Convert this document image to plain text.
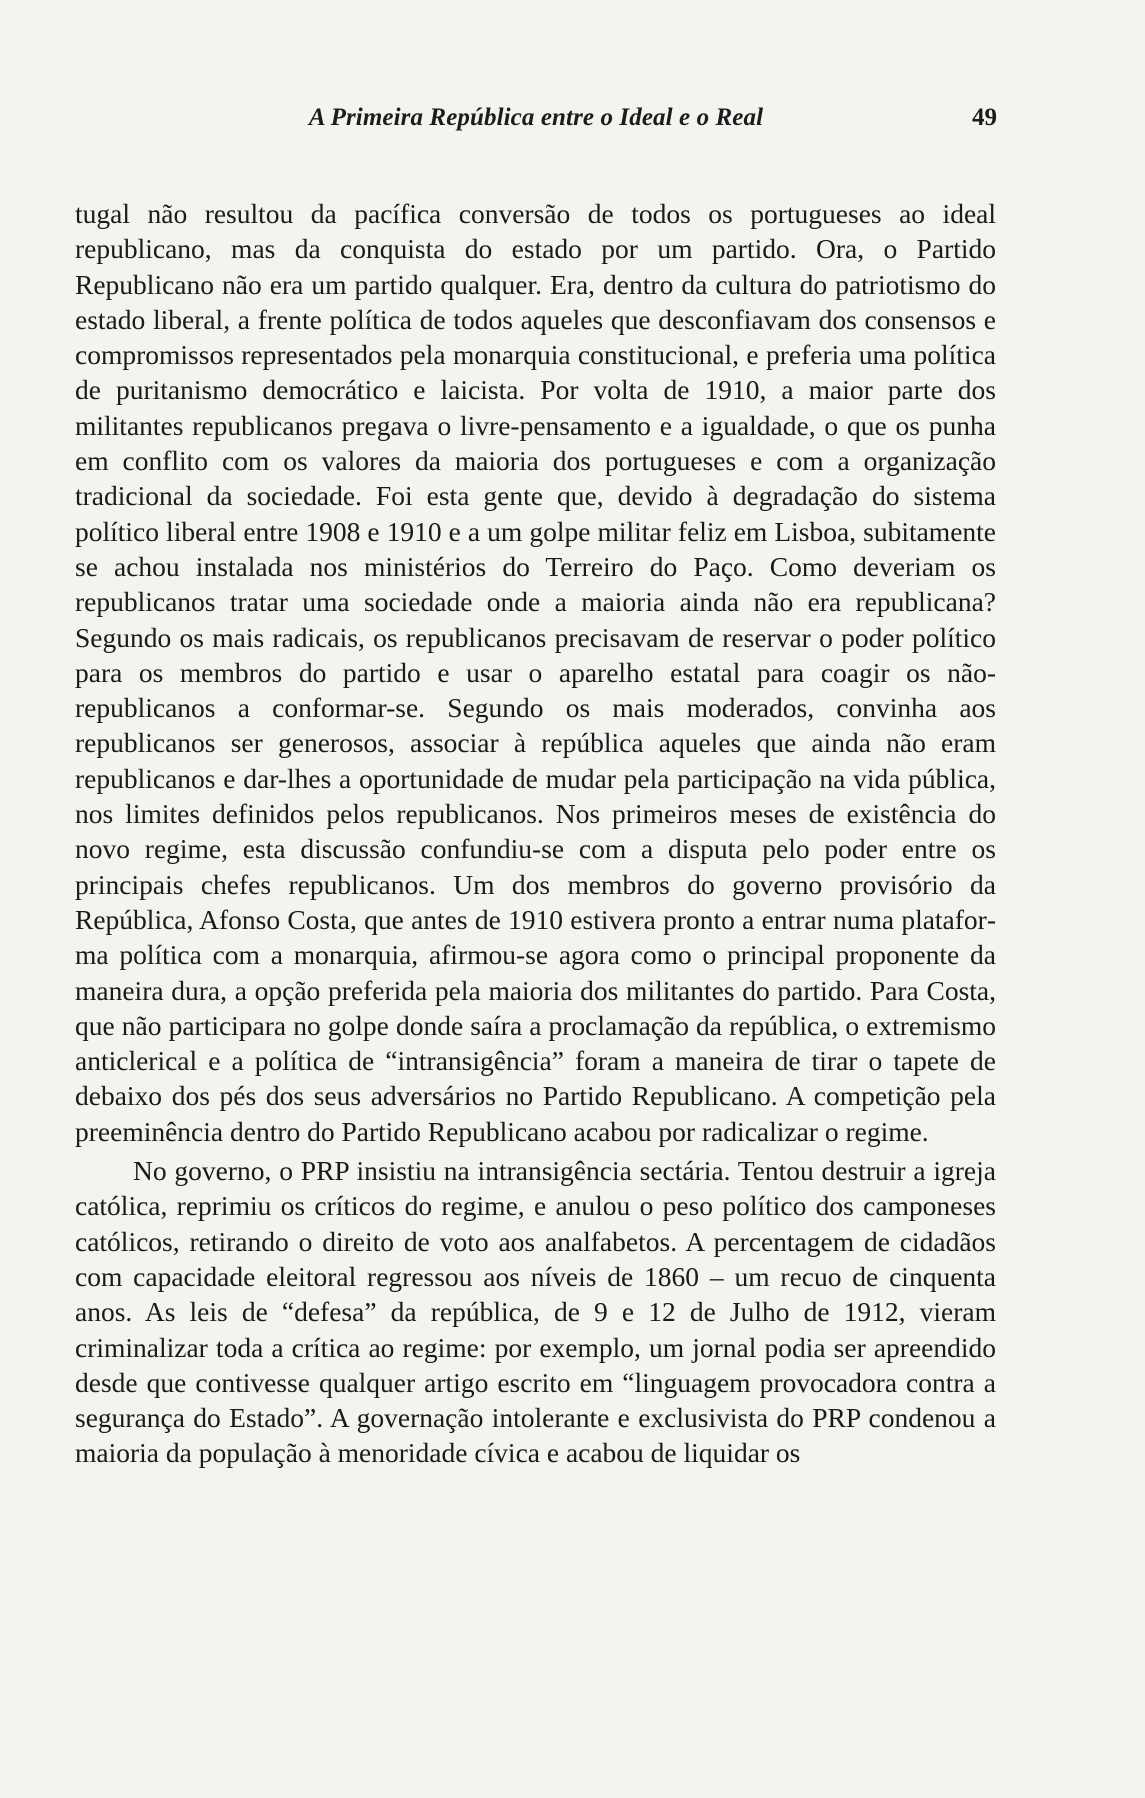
A Primeira República entre o Ideal e o Real	49

tugal não resultou da pacífica conversão de todos os portugueses ao ideal republicano, mas da conquista do estado por um partido. Ora, o Partido Republicano não era um partido qualquer. Era, dentro da cultura do patriotismo do estado liberal, a frente política de todos aqueles que desconfiavam dos consensos e compromissos representados pela monarquia constitucional, e preferia uma política de puritanismo democrático e laicista. Por volta de 1910, a maior parte dos militantes republicanos pregava o livre-pensamento e a igualdade, o que os punha em conflito com os valores da maioria dos portugueses e com a organização tradicional da sociedade. Foi esta gente que, devido à degradação do sistema político liberal entre 1908 e 1910 e a um golpe militar feliz em Lisboa, subitamente se achou instalada nos ministérios do Terreiro do Paço. Como deveriam os republicanos tratar uma sociedade onde a maioria ainda não era republicana? Segundo os mais radicais, os republicanos precisavam de reservar o poder político para os membros do partido e usar o aparelho estatal para coagir os não-republicanos a conformar-se. Segundo os mais moderados, convinha aos republicanos ser generosos, associar à república aqueles que ainda não eram republicanos e dar-lhes a oportunidade de mudar pela participação na vida pública, nos limites definidos pelos republicanos. Nos primeiros meses de existência do novo regime, esta discussão confundiu-se com a disputa pelo poder entre os principais chefes republicanos. Um dos membros do governo provisório da República, Afonso Costa, que antes de 1910 estivera pronto a entrar numa plataforma política com a monarquia, afirmou-se agora como o principal proponente da maneira dura, a opção preferida pela maioria dos militantes do partido. Para Costa, que não participara no golpe donde saíra a proclamação da república, o extremismo anticlerical e a política de “intransigência” foram a maneira de tirar o tapete de debaixo dos pés dos seus adversários no Partido Republicano. A competição pela preeminência dentro do Partido Republicano acabou por radicalizar o regime.

No governo, o PRP insistiu na intransigência sectária. Tentou destruir a igreja católica, reprimiu os críticos do regime, e anulou o peso político dos camponeses católicos, retirando o direito de voto aos analfabetos. A percentagem de cidadãos com capacidade eleitoral regressou aos níveis de 1860 – um recuo de cinquenta anos. As leis de “defesa” da república, de 9 e 12 de Julho de 1912, vieram criminalizar toda a crítica ao regime: por exemplo, um jornal podia ser apreendido desde que contivesse qualquer artigo escrito em “linguagem provocadora contra a segurança do Estado”. A governação intolerante e exclusivista do PRP condenou a maioria da população à menoridade cívica e acabou de liquidar os
